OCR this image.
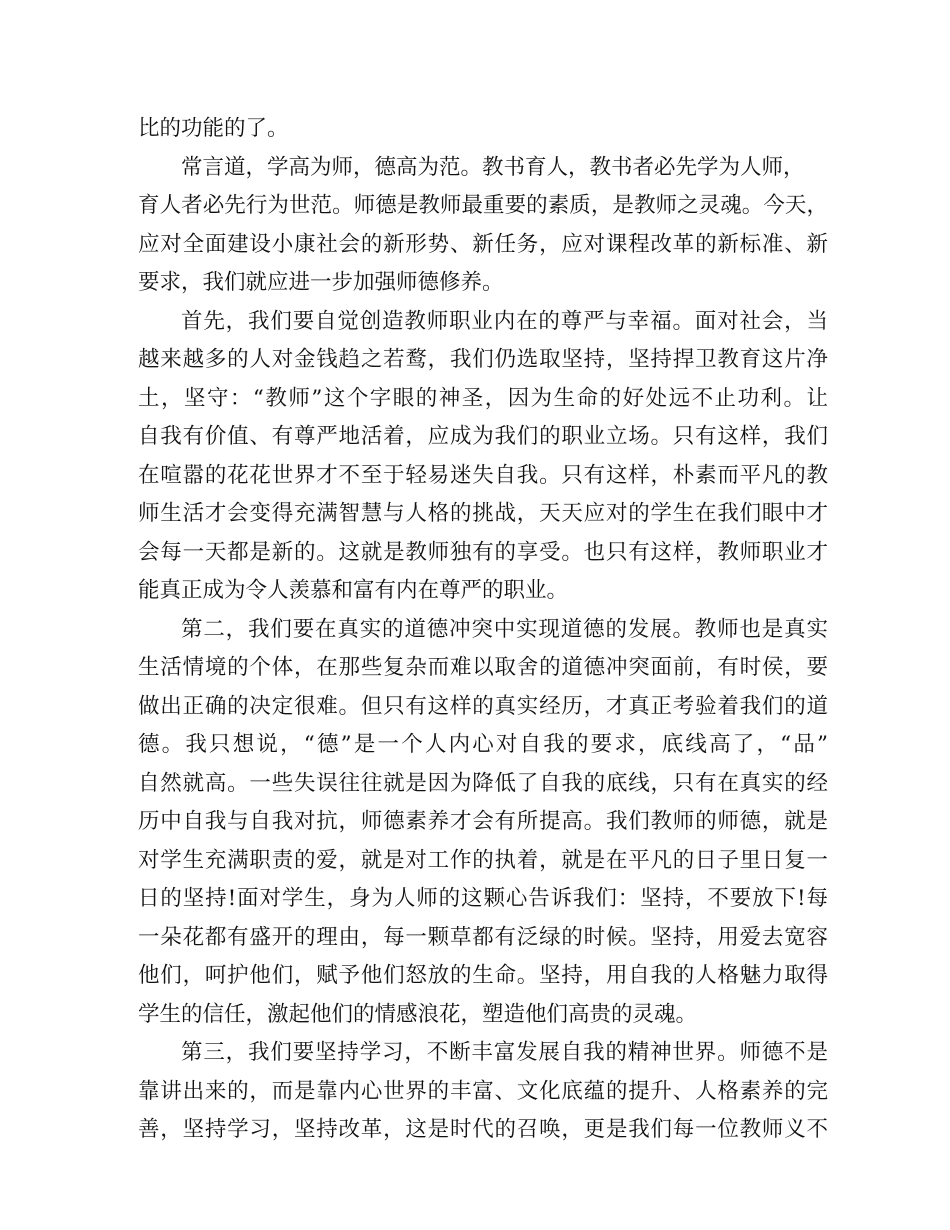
比的功能的了。
常言道，学高为师，德高为范。教书育人，教书者必先学为人师，
育人者必先行为世范。师德是教师最重要的素质，是教师之灵魂。今天，
应对全面建设小康社会的新形势、新任务，应对课程改革的新标准、新
要求，我们就应进一步加强师德修养。
首先，我们要自觉创造教师职业内在的尊严与幸福。面对社会，当
越来越多的人对金钱趋之若鹜，我们仍选取坚持，坚持捍卫教育这片净
土，坚守：“教师”这个字眼的神圣，因为生命的好处远不止功利。让
自我有价值、有尊严地活着，应成为我们的职业立场。只有这样，我们
在喧嚣的花花世界才不至于轻易迷失自我。只有这样，朴素而平凡的教
师生活才会变得充满智慧与人格的挑战，天天应对的学生在我们眼中才
会每一天都是新的。这就是教师独有的享受。也只有这样，教师职业才
能真正成为令人羡慕和富有内在尊严的职业。
第二，我们要在真实的道德冲突中实现道德的发展。教师也是真实
生活情境的个体，在那些复杂而难以取舍的道德冲突面前，有时侯，要
做出正确的决定很难。但只有这样的真实经历，才真正考验着我们的道
德。我只想说，“德”是一个人内心对自我的要求，底线高了，“品”
自然就高。一些失误往往就是因为降低了自我的底线，只有在真实的经
历中自我与自我对抗，师德素养才会有所提高。我们教师的师德，就是
对学生充满职责的爱，就是对工作的执着，就是在平凡的日子里日复一
日的坚持!面对学生，身为人师的这颗心告诉我们：坚持，不要放下!每
一朵花都有盛开的理由，每一颗草都有泛绿的时候。坚持，用爱去宽容
他们，呵护他们，赋予他们怒放的生命。坚持，用自我的人格魅力取得
学生的信任，激起他们的情感浪花，塑造他们高贵的灵魂。
第三，我们要坚持学习，不断丰富发展自我的精神世界。师德不是
靠讲出来的，而是靠内心世界的丰富、文化底蕴的提升、人格素养的完
善，坚持学习，坚持改革，这是时代的召唤，更是我们每一位教师义不
